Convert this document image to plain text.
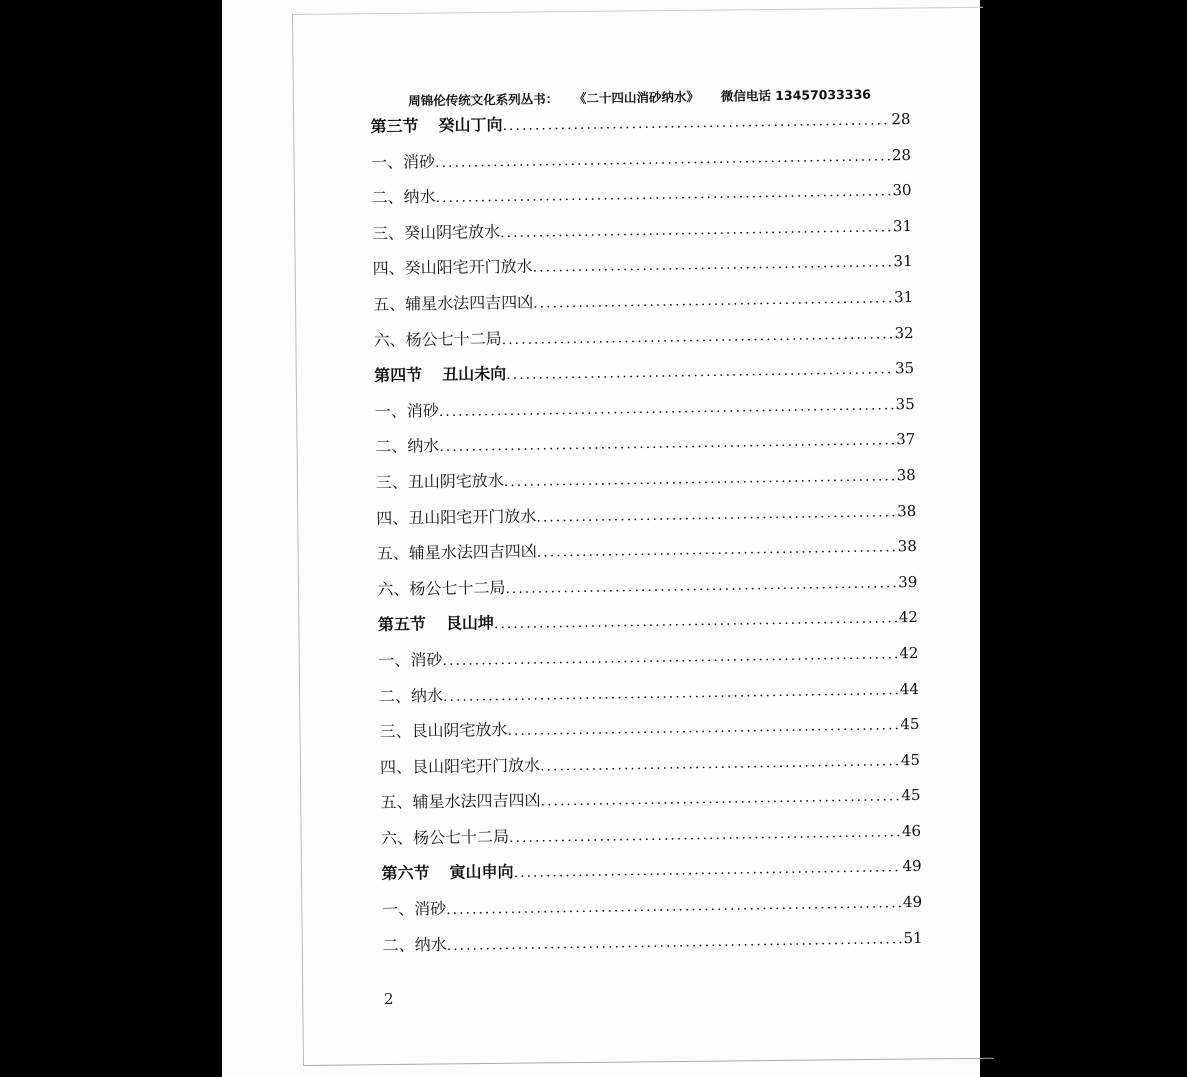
周锦伦传统文化系列丛书： 《二十四山消砂纳水》 微信电话 13457033336
第三节 癸山丁向 .....	28
一、消砂 .....	28
二、纳水 .....	30
三、癸山阴宅放水 .....	31
四、癸山阳宅开门放水 .....	31
五、辅星水法四吉四凶 .....	31
六、杨公七十二局 .....	32
第四节 丑山未向 .....	35
一、消砂 .....	35
二、纳水 .....	37
三、丑山阴宅放水 .....	38
四、丑山阳宅开门放水 .....	38
五、辅星水法四吉四凶 .....	38
六、杨公七十二局 .....	39
第五节 艮山坤 .....	42
一、消砂 .....	42
二、纳水 .....	44
三、艮山阴宅放水 .....	45
四、艮山阳宅开门放水 .....	45
五、辅星水法四吉四凶 .....	45
六、杨公七十二局 .....	46
第六节 寅山申向 .....	49
一、消砂 .....	49
二、纳水 .....	51
2
